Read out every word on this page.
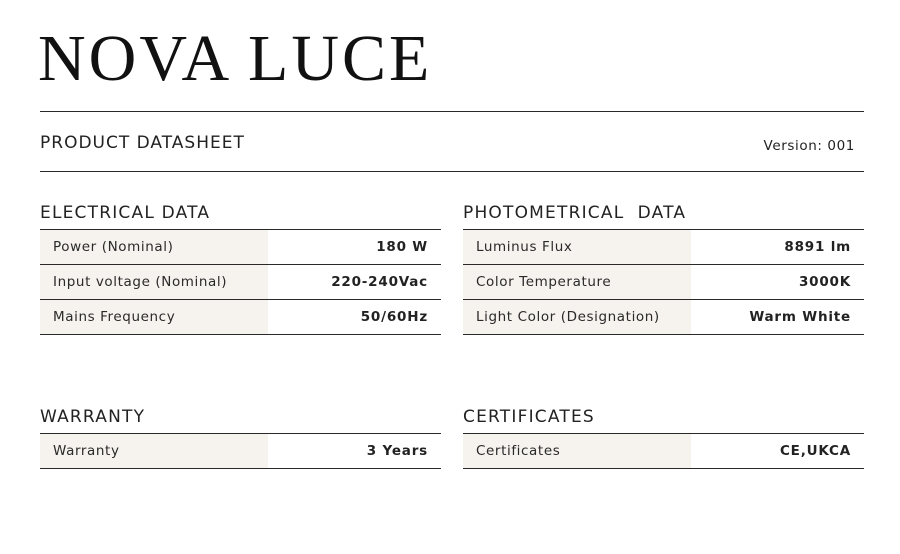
NOVA LUCE
PRODUCT DATASHEET	Version: 001
ELECTRICAL DATA
Power (Nominal)	180 W
Input voltage (Nominal)	220-240Vac
Mains Frequency	50/60Hz
PHOTOMETRICAL  DATA
Luminus Flux	8891 lm
Color Temperature	3000K
Light Color (Designation)	Warm White
WARRANTY
Warranty	3 Years
CERTIFICATES
Certificates	CE,UKCA
